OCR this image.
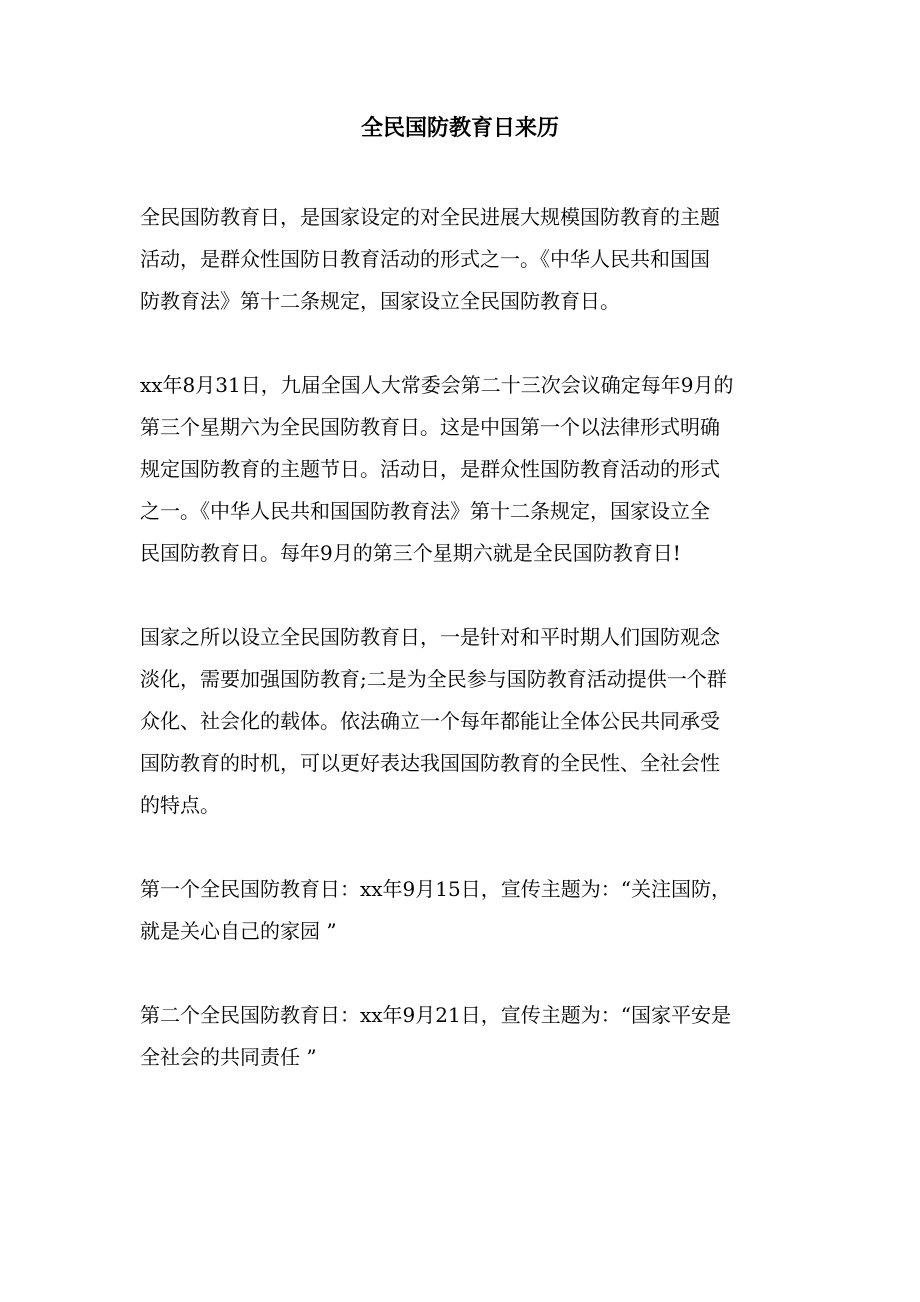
全民国防教育日来历

全民国防教育日，是国家设定的对全民进展大规模国防教育的主题
活动，是群众性国防日教育活动的形式之一。《中华人民共和国国
防教育法》第十二条规定，国家设立全民国防教育日。

xx年8月31日，九届全国人大常委会第二十三次会议确定每年9月的
第三个星期六为全民国防教育日。这是中国第一个以法律形式明确
规定国防教育的主题节日。活动日，是群众性国防教育活动的形式
之一。《中华人民共和国国防教育法》第十二条规定，国家设立全
民国防教育日。每年9月的第三个星期六就是全民国防教育日!

国家之所以设立全民国防教育日，一是针对和平时期人们国防观念
淡化，需要加强国防教育;二是为全民参与国防教育活动提供一个群
众化、社会化的载体。依法确立一个每年都能让全体公民共同承受
国防教育的时机，可以更好表达我国国防教育的全民性、全社会性
的特点。

第一个全民国防教育日：xx年9月15日，宣传主题为：“关注国防，
就是关心自己的家园 ”

第二个全民国防教育日：xx年9月21日，宣传主题为：“国家平安是
全社会的共同责任 ”
